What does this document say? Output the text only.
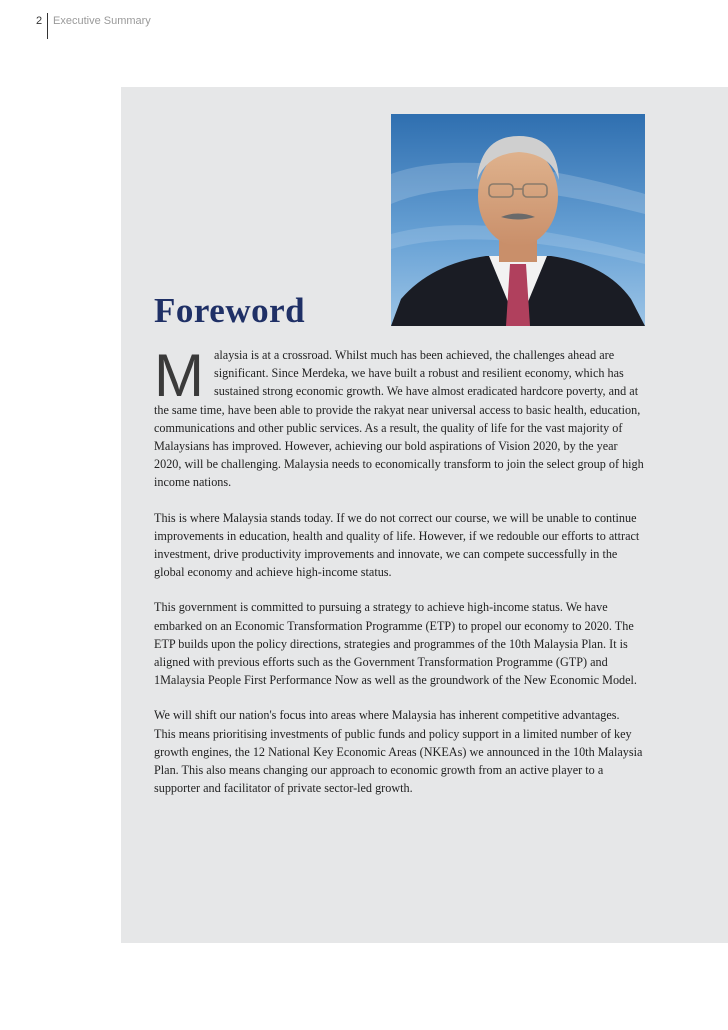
2 Executive Summary
Foreword

Malaysia is at a crossroad. Whilst much has been achieved, the challenges ahead are significant. Since Merdeka, we have built a robust and resilient economy, which has sustained strong economic growth. We have almost eradicated hardcore poverty, and at the same time, have been able to provide the rakyat near universal access to basic health, education, communications and other public services. As a result, the quality of life for the vast majority of Malaysians has improved. However, achieving our bold aspirations of Vision 2020, by the year 2020, will be challenging. Malaysia needs to economically transform to join the select group of high income nations.

This is where Malaysia stands today. If we do not correct our course, we will be unable to continue improvements in education, health and quality of life. However, if we redouble our efforts to attract investment, drive productivity improvements and innovate, we can compete successfully in the global economy and achieve high-income status.

This government is committed to pursuing a strategy to achieve high-income status. We have embarked on an Economic Transformation Programme (ETP) to propel our economy to 2020. The ETP builds upon the policy directions, strategies and programmes of the 10th Malaysia Plan. It is aligned with previous efforts such as the Government Transformation Programme (GTP) and 1Malaysia People First Performance Now as well as the groundwork of the New Economic Model.

We will shift our nation's focus into areas where Malaysia has inherent competitive advantages. This means prioritising investments of public funds and policy support in a limited number of key growth engines, the 12 National Key Economic Areas (NKEAs) we announced in the 10th Malaysia Plan. This also means changing our approach to economic growth from an active player to a supporter and facilitator of private sector-led growth.
